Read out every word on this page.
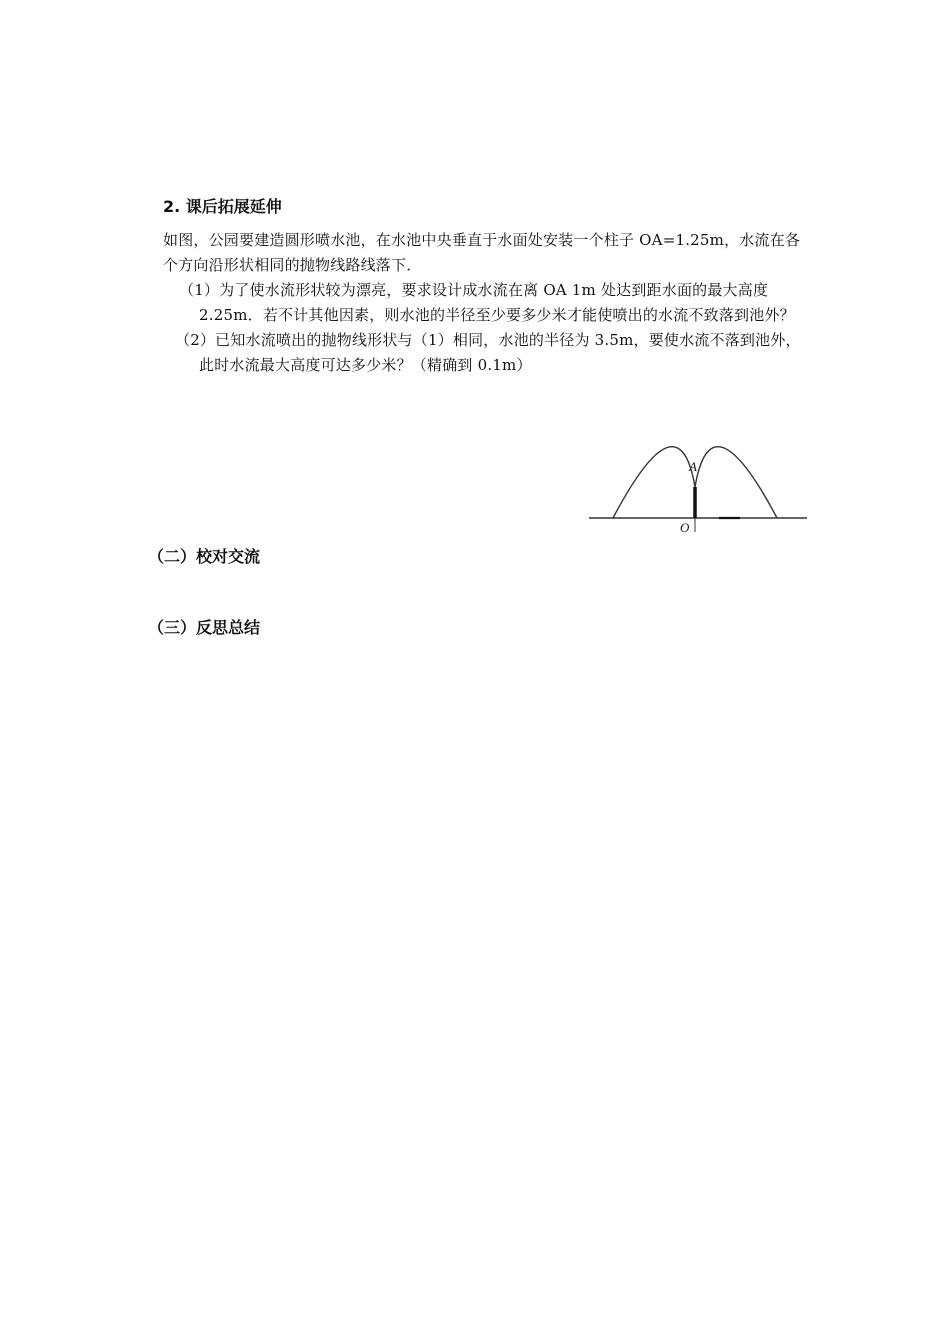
2. 课后拓展延伸

如图，公园要建造圆形喷水池，在水池中央垂直于水面处安装一个柱子 OA=1.25m，水流在各个方向沿形状相同的抛物线路线落下．

（1）为了使水流形状较为漂亮，要求设计成水流在离 OA 1m 处达到距水面的最大高度 2.25m．若不计其他因素，则水池的半径至少要多少米才能使喷出的水流不致落到池外？

（2）已知水流喷出的抛物线形状与（1）相同，水池的半径为 3.5m，要使水流不落到池外，此时水流最大高度可达多少米？（精确到 0.1m）

A
O
（二）校对交流
（三）反思总结
